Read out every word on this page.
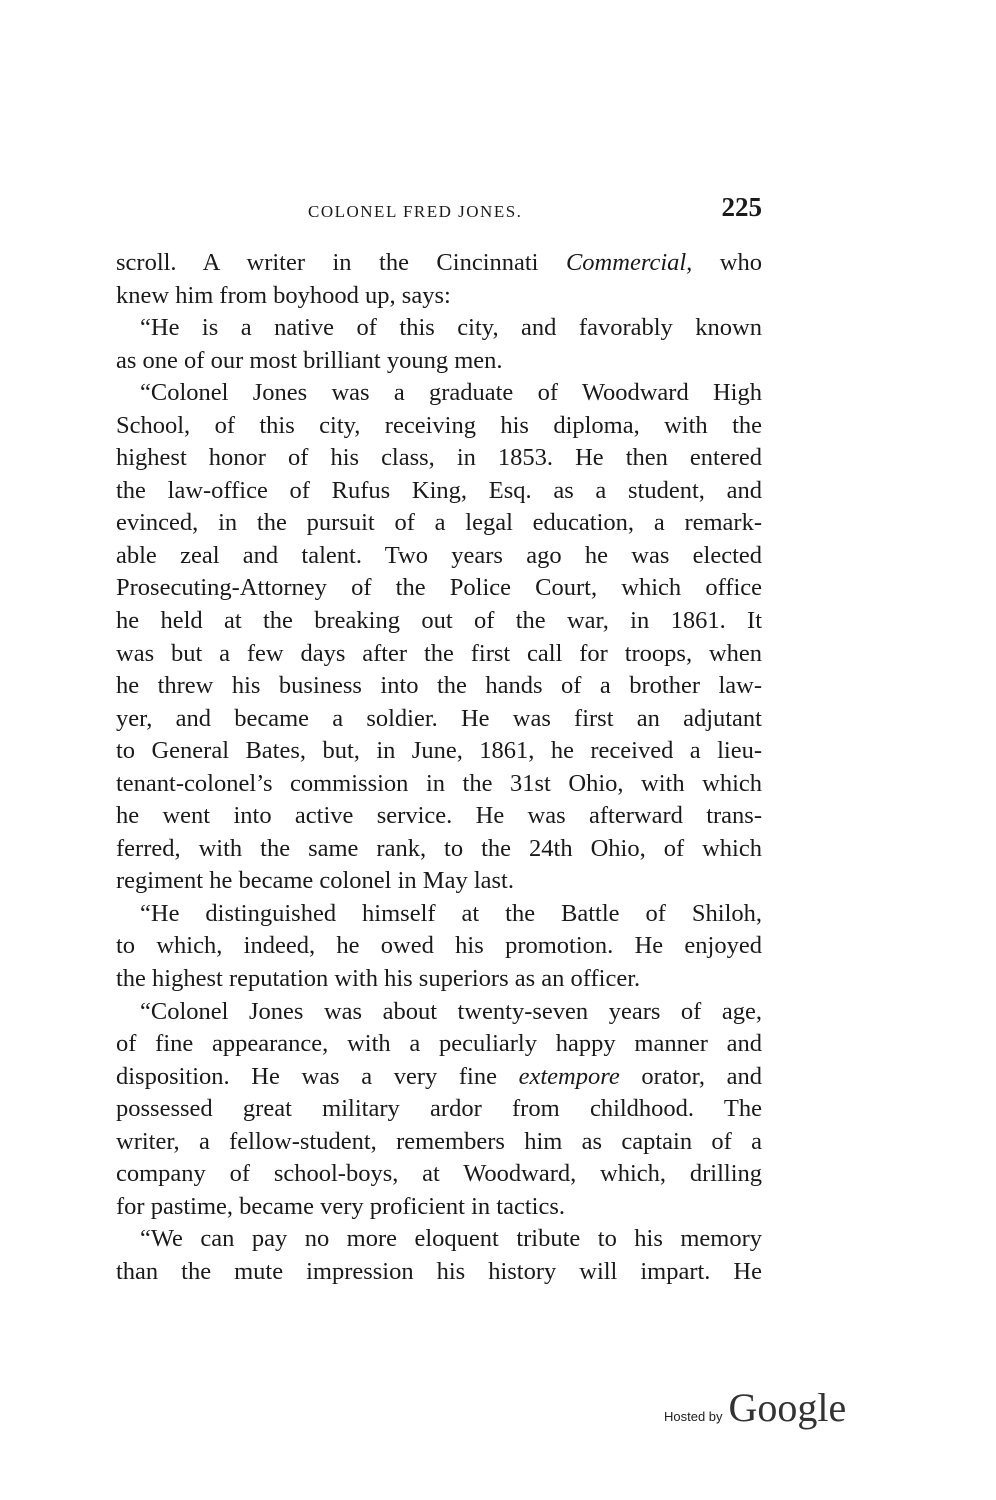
COLONEL FRED JONES.	225
scroll. A writer in the Cincinnati Commercial, who
knew him from boyhood up, says:
“He is a native of this city, and favorably known
as one of our most brilliant young men.
“Colonel Jones was a graduate of Woodward High
School, of this city, receiving his diploma, with the
highest honor of his class, in 1853. He then entered
the law-office of Rufus King, Esq. as a student, and
evinced, in the pursuit of a legal education, a remark-
able zeal and talent. Two years ago he was elected
Prosecuting-Attorney of the Police Court, which office
he held at the breaking out of the war, in 1861. It
was but a few days after the first call for troops, when
he threw his business into the hands of a brother law-
yer, and became a soldier. He was first an adjutant
to General Bates, but, in June, 1861, he received a lieu-
tenant-colonel’s commission in the 31st Ohio, with which
he went into active service. He was afterward trans-
ferred, with the same rank, to the 24th Ohio, of which
regiment he became colonel in May last.
“He distinguished himself at the Battle of Shiloh,
to which, indeed, he owed his promotion. He enjoyed
the highest reputation with his superiors as an officer.
“Colonel Jones was about twenty-seven years of age,
of fine appearance, with a peculiarly happy manner and
disposition. He was a very fine extempore orator, and
possessed great military ardor from childhood. The
writer, a fellow-student, remembers him as captain of a
company of school-boys, at Woodward, which, drilling
for pastime, became very proficient in tactics.
“We can pay no more eloquent tribute to his memory
than the mute impression his history will impart. He
Hosted by Google
